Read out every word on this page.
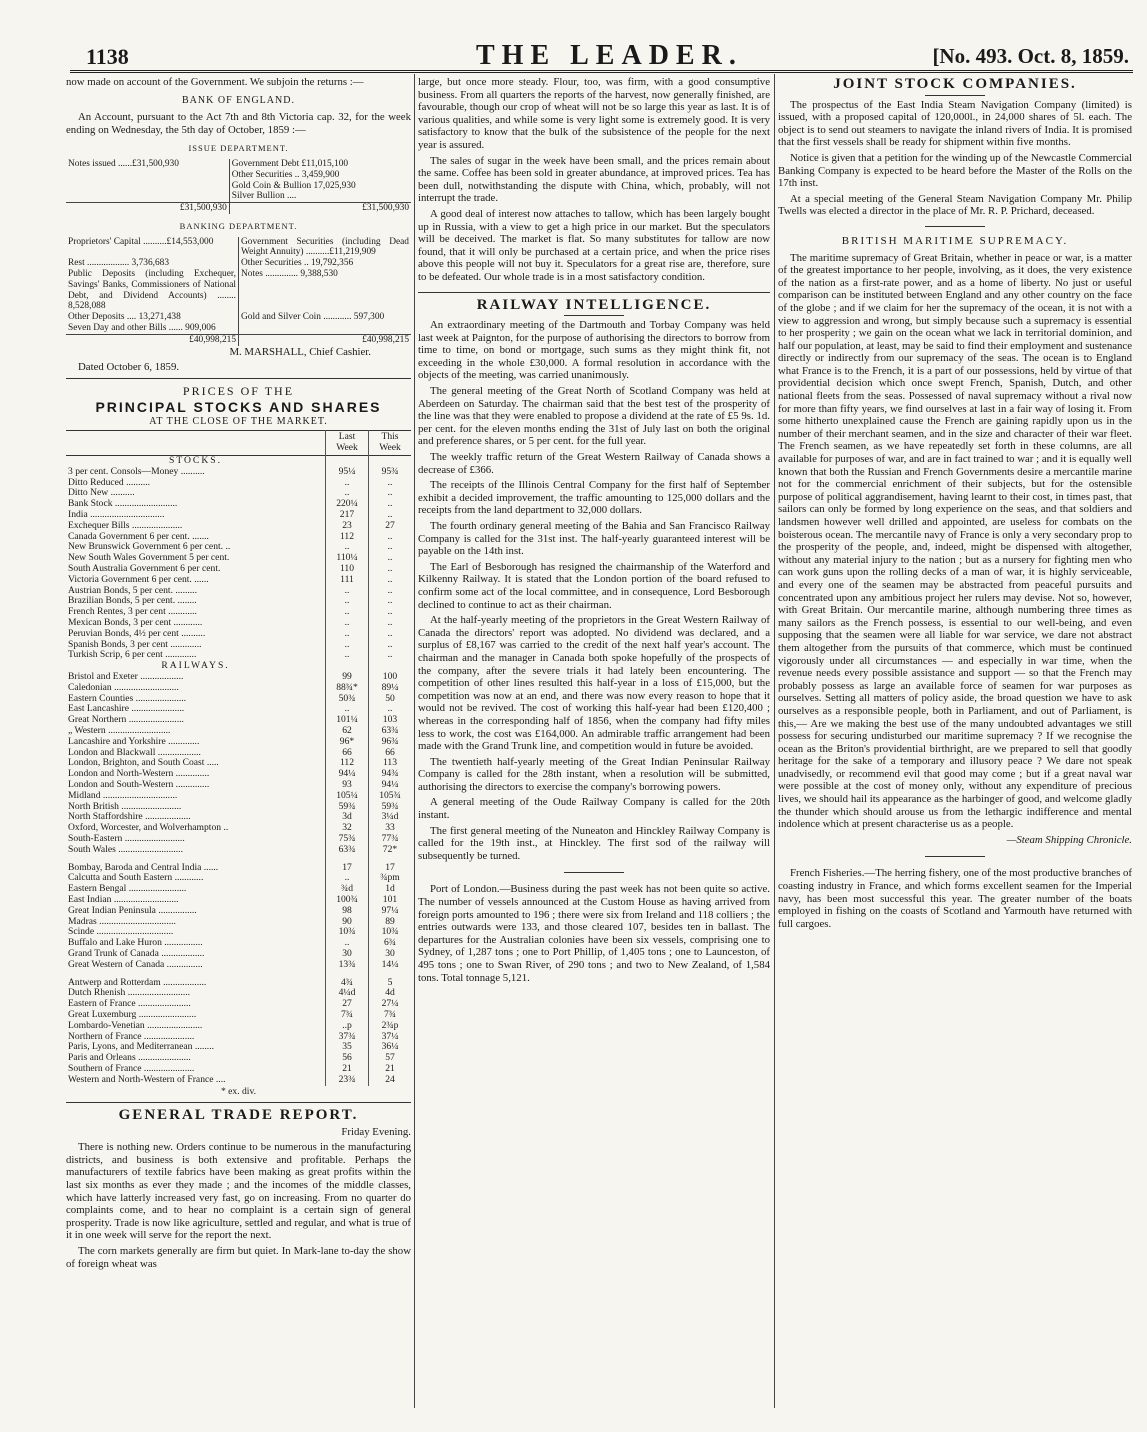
1138	THE LEADER.	[No. 493. Oct. 8, 1859.

now made on account of the Government. We subjoin the returns :—

BANK OF ENGLAND.

An Account, pursuant to the Act 7th and 8th Victoria cap. 32, for the week ending on Wednesday, the 5th day of October, 1859 :—

ISSUE DEPARTMENT.
Notes issued ......£31,500,930	Government Debt £11,015,100
	Other Securities .. 3,459,900
	Gold Coin & Bullion 17,025,930
	Silver Bullion ....
£31,500,930	£31,500,930
BANKING DEPARTMENT.
Proprietors' Capital ..........£14,553,000	Government Securities (including Dead Weight Annuity) ..........£11,219,909
Rest .................. 3,736,683	Other Securities .. 19,792,356
Public Deposits (including Exchequer, Savings' Banks, Commissioners of National Debt, and Dividend Accounts) ........ 8,528,088	Notes .............. 9,388,530
Other Deposits .... 13,271,438	Gold and Silver Coin ............ 597,300
Seven Day and other Bills ...... 909,006	
£40,998,215	£40,998,215

M. MARSHALL, Chief Cashier.

Dated October 6, 1859.

PRICES OF THE
PRINCIPAL STOCKS AND SHARES
AT THE CLOSE OF THE MARKET.
	Last Week	This Week
STOCKS.		
3 per cent. Consols—Money ..........	95¼	95¾
Ditto Reduced ..........	..	..
Ditto New ..........	..	..
Bank Stock ..........................	220¼	..
India ...............................	217	..
Exchequer Bills .....................	23	27
Canada Government 6 per cent. .......	112	..
New Brunswick Government 6 per cent. ..	..	..
New South Wales Government 5 per cent.	110¼	..
South Australia Government 6 per cent.	110	..
Victoria Government 6 per cent. ......	111	..
Austrian Bonds, 5 per cent. .........	..	..
Brazilian Bonds, 5 per cent. ........	..	..
French Rentes, 3 per cent ............	..	..
Mexican Bonds, 3 per cent ............	..	..
Peruvian Bonds, 4½ per cent ..........	..	..
Spanish Bonds, 3 per cent .............	..	..
Turkish Scrip, 6 per cent .............	..	..
RAILWAYS.		
Bristol and Exeter ..................	99	100
Caledonian ...........................	88¾*	89¼
Eastern Counties .....................	50¾	50
East Lancashire ......................	..	..
Great Northern .......................	101¼	103
„ Western ..........................	62	63¾
Lancashire and Yorkshire .............	96*	96¾
London and Blackwall ..................	66	66
London, Brighton, and South Coast .....	112	113
London and North-Western ..............	94¼	94¾
London and South-Western ..............	93	94¼
Midland ...............................	105¼	105¾
North British .........................	59¾	59¾
North Staffordshire ...................	3d	3¼d
Oxford, Worcester, and Wolverhampton ..	32	33
South-Eastern .........................	75¾	77¾
South Wales ...........................	63¾	72*

Bombay, Baroda and Central India ......	17	17
Calcutta and South Eastern ............	..	¾pm
Eastern Bengal ........................	¾d	1d
East Indian ...........................	100¾	101
Great Indian Peninsula ................	98	97¼
Madras ................................	90	89
Scinde ................................	10¾	10¾
Buffalo and Lake Huron ................	..	6¾
Grand Trunk of Canada ..................	30	30
Great Western of Canada ...............	13¾	14¼

Antwerp and Rotterdam ..................	4¾	5
Dutch Rhenish ..........................	4¼d	4d
Eastern of France ......................	27	27¼
Great Luxemburg ........................	7¾	7¾
Lombardo-Venetian .......................	..p	2¾p
Northern of France .....................	37¾	37¼
Paris, Lyons, and Mediterranean ........	35	36¼
Paris and Orleans ......................	56	57
Southern of France .....................	21	21
Western and North-Western of France ....	23¾	24
* ex. div.
GENERAL TRADE REPORT.

Friday Evening.

There is nothing new. Orders continue to be numerous in the manufacturing districts, and business is both extensive and profitable. Perhaps the manufacturers of textile fabrics have been making as great profits within the last six months as ever they made ; and the incomes of the middle classes, which have latterly increased very fast, go on increasing. From no quarter do complaints come, and to hear no complaint is a certain sign of general prosperity. Trade is now like agriculture, settled and regular, and what is true of it in one week will serve for the report the next.

The corn markets generally are firm but quiet. In Mark-lane to-day the show of foreign wheat was

large, but once more steady. Flour, too, was firm, with a good consumptive business. From all quarters the reports of the harvest, now generally finished, are favourable, though our crop of wheat will not be so large this year as last. It is of various qualities, and while some is very light some is extremely good. It is very satisfactory to know that the bulk of the subsistence of the people for the next year is assured.

The sales of sugar in the week have been small, and the prices remain about the same. Coffee has been sold in greater abundance, at improved prices. Tea has been dull, notwithstanding the dispute with China, which, probably, will not interrupt the trade.

A good deal of interest now attaches to tallow, which has been largely bought up in Russia, with a view to get a high price in our market. But the speculators will be deceived. The market is flat. So many substitutes for tallow are now found, that it will only be purchased at a certain price, and when the price rises above this people will not buy it. Speculators for a great rise are, therefore, sure to be defeated. Our whole trade is in a most satisfactory condition.

RAILWAY INTELLIGENCE.

An extraordinary meeting of the Dartmouth and Torbay Company was held last week at Paignton, for the purpose of authorising the directors to borrow from time to time, on bond or mortgage, such sums as they might think fit, not exceeding in the whole £30,000. A formal resolution in accordance with the objects of the meeting, was carried unanimously.

The general meeting of the Great North of Scotland Company was held at Aberdeen on Saturday. The chairman said that the best test of the prosperity of the line was that they were enabled to propose a dividend at the rate of £5 9s. 1d. per cent. for the eleven months ending the 31st of July last on both the original and preference shares, or 5 per cent. for the full year.

The weekly traffic return of the Great Western Railway of Canada shows a decrease of £366.

The receipts of the Illinois Central Company for the first half of September exhibit a decided improvement, the traffic amounting to 125,000 dollars and the receipts from the land department to 32,000 dollars.

The fourth ordinary general meeting of the Bahia and San Francisco Railway Company is called for the 31st inst. The half-yearly guaranteed interest will be payable on the 14th inst.

The Earl of Besborough has resigned the chairmanship of the Waterford and Kilkenny Railway. It is stated that the London portion of the board refused to confirm some act of the local committee, and in consequence, Lord Besborough declined to continue to act as their chairman.

At the half-yearly meeting of the proprietors in the Great Western Railway of Canada the directors' report was adopted. No dividend was declared, and a surplus of £8,167 was carried to the credit of the next half year's account. The chairman and the manager in Canada both spoke hopefully of the prospects of the company, after the severe trials it had lately been encountering. The competition of other lines resulted this half-year in a loss of £15,000, but the competition was now at an end, and there was now every reason to hope that it would not be revived. The cost of working this half-year had been £120,400 ; whereas in the corresponding half of 1856, when the company had fifty miles less to work, the cost was £164,000. An admirable traffic arrangement had been made with the Grand Trunk line, and competition would in future be avoided.

The twentieth half-yearly meeting of the Great Indian Peninsular Railway Company is called for the 28th instant, when a resolution will be submitted, authorising the directors to exercise the company's borrowing powers.

A general meeting of the Oude Railway Company is called for the 20th instant.

The first general meeting of the Nuneaton and Hinckley Railway Company is called for the 19th inst., at Hinckley. The first sod of the railway will subsequently be turned.

Port of London.—Business during the past week has not been quite so active. The number of vessels announced at the Custom House as having arrived from foreign ports amounted to 196 ; there were six from Ireland and 118 colliers ; the entries outwards were 133, and those cleared 107, besides ten in ballast. The departures for the Australian colonies have been six vessels, comprising one to Sydney, of 1,287 tons ; one to Port Phillip, of 1,405 tons ; one to Launceston, of 495 tons ; one to Swan River, of 290 tons ; and two to New Zealand, of 1,584 tons. Total tonnage 5,121.

JOINT STOCK COMPANIES.

The prospectus of the East India Steam Navigation Company (limited) is issued, with a proposed capital of 120,000l., in 24,000 shares of 5l. each. The object is to send out steamers to navigate the inland rivers of India. It is promised that the first vessels shall be ready for shipment within five months.

Notice is given that a petition for the winding up of the Newcastle Commercial Banking Company is expected to be heard before the Master of the Rolls on the 17th inst.

At a special meeting of the General Steam Navigation Company Mr. Philip Twells was elected a director in the place of Mr. R. P. Prichard, deceased.

BRITISH MARITIME SUPREMACY.

The maritime supremacy of Great Britain, whether in peace or war, is a matter of the greatest importance to her people, involving, as it does, the very existence of the nation as a first-rate power, and as a home of liberty. No just or useful comparison can be instituted between England and any other country on the face of the globe ; and if we claim for her the supremacy of the ocean, it is not with a view to aggression and wrong, but simply because such a supremacy is essential to her prosperity ; we gain on the ocean what we lack in territorial dominion, and half our population, at least, may be said to find their employment and sustenance directly or indirectly from our supremacy of the seas. The ocean is to England what France is to the French, it is a part of our possessions, held by virtue of that providential decision which once swept French, Spanish, Dutch, and other national fleets from the seas. Possessed of naval supremacy without a rival now for more than fifty years, we find ourselves at last in a fair way of losing it. From some hitherto unexplained cause the French are gaining rapidly upon us in the number of their merchant seamen, and in the size and character of their war fleet. The French seamen, as we have repeatedly set forth in these columns, are all available for purposes of war, and are in fact trained to war ; and it is equally well known that both the Russian and French Governments desire a mercantile marine not for the commercial enrichment of their subjects, but for the ostensible purpose of political aggrandisement, having learnt to their cost, in times past, that sailors can only be formed by long experience on the seas, and that soldiers and landsmen however well drilled and appointed, are useless for combats on the boisterous ocean. The mercantile navy of France is only a very secondary prop to the prosperity of the people, and, indeed, might be dispensed with altogether, without any material injury to the nation ; but as a nursery for fighting men who can work guns upon the rolling decks of a man of war, it is highly serviceable, and every one of the seamen may be abstracted from peaceful pursuits and concentrated upon any ambitious project her rulers may devise. Not so, however, with Great Britain. Our mercantile marine, although numbering three times as many sailors as the French possess, is essential to our well-being, and even supposing that the seamen were all liable for war service, we dare not abstract them altogether from the pursuits of that commerce, which must be continued vigorously under all circumstances — and especially in war time, when the revenue needs every possible assistance and support — so that the French may probably possess as large an available force of seamen for war purposes as ourselves. Setting all matters of policy aside, the broad question we have to ask ourselves as a responsible people, both in Parliament, and out of Parliament, is this,— Are we making the best use of the many undoubted advantages we still possess for securing undisturbed our maritime supremacy ? If we recognise the ocean as the Briton's providential birthright, are we prepared to sell that goodly heritage for the sake of a temporary and illusory peace ? We dare not speak unadvisedly, or recommend evil that good may come ; but if a great naval war were possible at the cost of money only, without any expenditure of precious lives, we should hail its appearance as the harbinger of good, and welcome gladly the thunder which should arouse us from the lethargic indifference and mental indolence which at present characterise us as a people.

—Steam Shipping Chronicle.

French Fisheries.—The herring fishery, one of the most productive branches of coasting industry in France, and which forms excellent seamen for the Imperial navy, has been most successful this year. The greater number of the boats employed in fishing on the coasts of Scotland and Yarmouth have returned with full cargoes.
